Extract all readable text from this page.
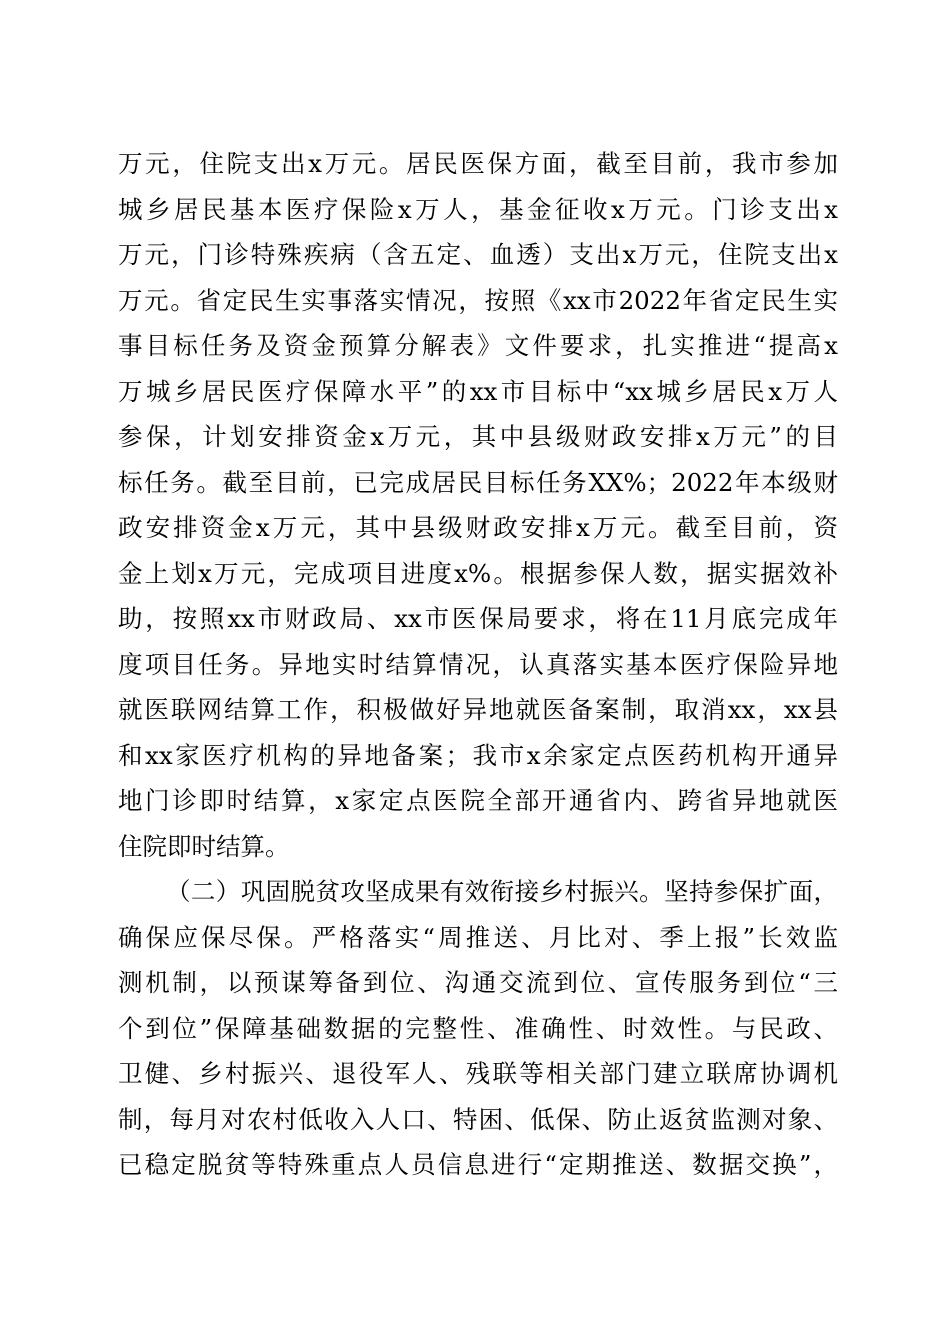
万元，住院支出x万元。居民医保方面，截至目前，我市参加
城乡居民基本医疗保险x万人，基金征收x万元。门诊支出x
万元，门诊特殊疾病（含五定、血透）支出x万元，住院支出x
万元。省定民生实事落实情况，按照《xx市2022年省定民生实
事目标任务及资金预算分解表》文件要求，扎实推进“提高x
万城乡居民医疗保障水平”的xx市目标中“xx城乡居民x万人
参保，计划安排资金x万元，其中县级财政安排x万元”的目
标任务。截至目前，已完成居民目标任务XX%；2022年本级财
政安排资金x万元，其中县级财政安排x万元。截至目前，资
金上划x万元，完成项目进度x%。根据参保人数，据实据效补
助，按照xx市财政局、xx市医保局要求，将在11月底完成年
度项目任务。异地实时结算情况，认真落实基本医疗保险异地
就医联网结算工作，积极做好异地就医备案制，取消xx，xx县
和xx家医疗机构的异地备案；我市x余家定点医药机构开通异
地门诊即时结算，x家定点医院全部开通省内、跨省异地就医
住院即时结算。
（二）巩固脱贫攻坚成果有效衔接乡村振兴。坚持参保扩面，
确保应保尽保。严格落实“周推送、月比对、季上报”长效监
测机制，以预谋筹备到位、沟通交流到位、宣传服务到位“三
个到位”保障基础数据的完整性、准确性、时效性。与民政、
卫健、乡村振兴、退役军人、残联等相关部门建立联席协调机
制，每月对农村低收入人口、特困、低保、防止返贫监测对象、
已稳定脱贫等特殊重点人员信息进行“定期推送、数据交换”，
